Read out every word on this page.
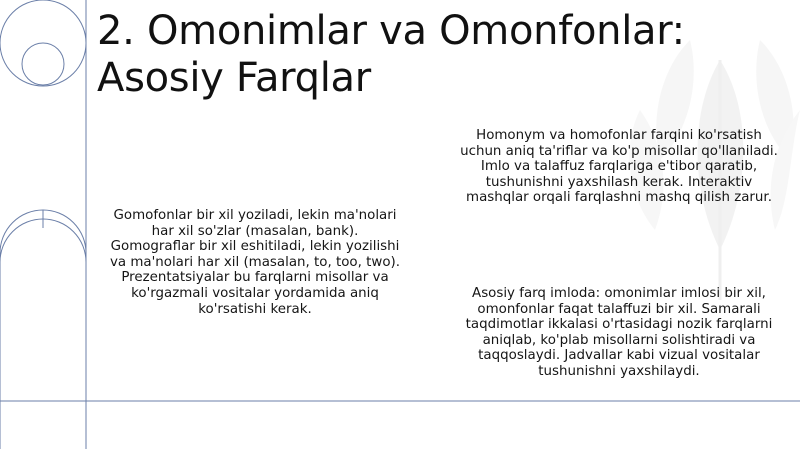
2. Omonimlar va Omonfonlar:
Asosiy Farqlar
Gomofonlar bir xil yoziladi, lekin ma'nolari
har xil so'zlar (masalan, bank).
Gomograflar bir xil eshitiladi, lekin yozilishi
va ma'nolari har xil (masalan, to, too, two).
Prezentatsiyalar bu farqlarni misollar va
ko'rgazmali vositalar yordamida aniq
ko'rsatishi kerak.
Homonym va homofonlar farqini ko'rsatish
uchun aniq ta'riflar va ko'p misollar qo'llaniladi.
Imlo va talaffuz farqlariga e'tibor qaratib,
tushunishni yaxshilash kerak. Interaktiv
mashqlar orqali farqlashni mashq qilish zarur.
Asosiy farq imloda: omonimlar imlosi bir xil,
omonfonlar faqat talaffuzi bir xil. Samarali
taqdimotlar ikkalasi o'rtasidagi nozik farqlarni
aniqlab, ko'plab misollarni solishtiradi va
taqqoslaydi. Jadvallar kabi vizual vositalar
tushunishni yaxshilaydi.
